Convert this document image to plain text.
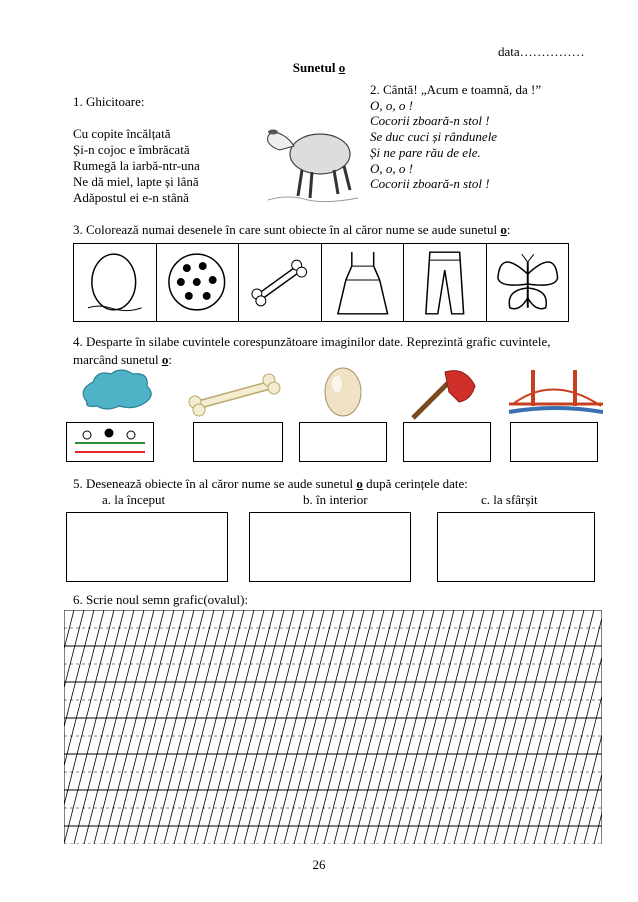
data……………
Sunetul o
1. Ghicitoare:
Cu copite încălțată
Și-n cojoc e îmbrăcată
Rumegă la iarbă-ntr-una
Ne dă miel, lapte și lână
Adăpostul ei e-n stână
2. Cântă! „Acum e toamnă, da !”
O, o, o !
Cocorii zboară-n stol !
Se duc cuci și rândunele
Și ne pare rău de ele.
O, o, o !
Cocorii zboară-n stol !
3. Colorează numai desenele în care sunt obiecte în al căror nume se aude sunetul o:
4. Desparte în silabe cuvintele corespunzătoare imaginilor date. Reprezintă grafic cuvintele, marcând sunetul o:
5. Desenează obiecte în al căror nume se aude sunetul o după cerințele date:
a. la început	b. în interior	c. la sfârșit
6. Scrie noul semn grafic(ovalul):
26
